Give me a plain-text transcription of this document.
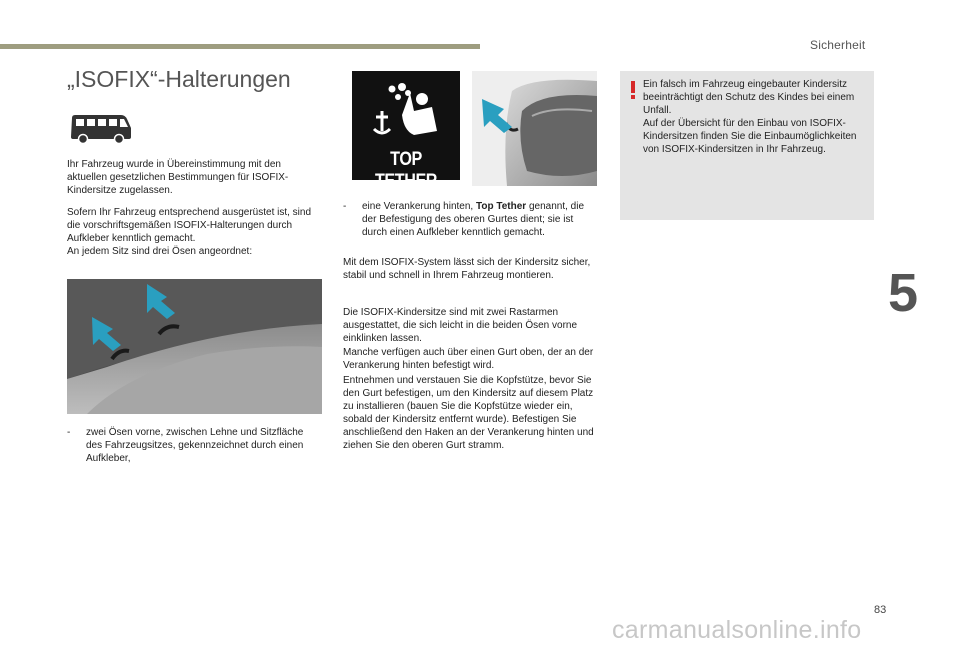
Sicherheit
„ISOFIX“-Halterungen

Ihr Fahrzeug wurde in Übereinstimmung mit den aktuellen gesetzlichen Bestimmungen für ISOFIX-Kindersitze zugelassen.

Sofern Ihr Fahrzeug entsprechend ausgerüstet ist, sind die vorschriftsgemäßen ISOFIX-Halterungen durch Aufkleber kenntlich gemacht.

An jedem Sitz sind drei Ösen angeordnet:

-	zwei Ösen vorne, zwischen Lehne und Sitzfläche des Fahrzeugsitzes, gekennzeichnet durch einen Aufkleber,
TOP TETHER
-	eine Verankerung hinten, Top Tether genannt, die der Befestigung des oberen Gurtes dient; sie ist durch einen Aufkleber kenntlich gemacht.

Mit dem ISOFIX-System lässt sich der Kindersitz sicher, stabil und schnell in Ihrem Fahrzeug montieren.

Die ISOFIX-Kindersitze sind mit zwei Rastarmen ausgestattet, die sich leicht in die beiden Ösen vorne einklinken lassen.

Manche verfügen auch über einen Gurt oben, der an der Verankerung hinten befestigt wird.

Entnehmen und verstauen Sie die Kopfstütze, bevor Sie den Gurt befestigen, um den Kindersitz auf diesem Platz zu installieren (bauen Sie die Kopfstütze wieder ein, sobald der Kindersitz entfernt wurde). Befestigen Sie anschließend den Haken an der Verankerung hinten und ziehen Sie den oberen Gurt stramm.

Ein falsch im Fahrzeug eingebauter Kindersitz beeinträchtigt den Schutz des Kindes bei einem Unfall.

Auf der Übersicht für den Einbau von ISOFIX-Kindersitzen finden Sie die Einbaumöglichkeiten von ISOFIX-Kindersitzen in Ihr Fahrzeug.

5
83
carmanualsonline.info
